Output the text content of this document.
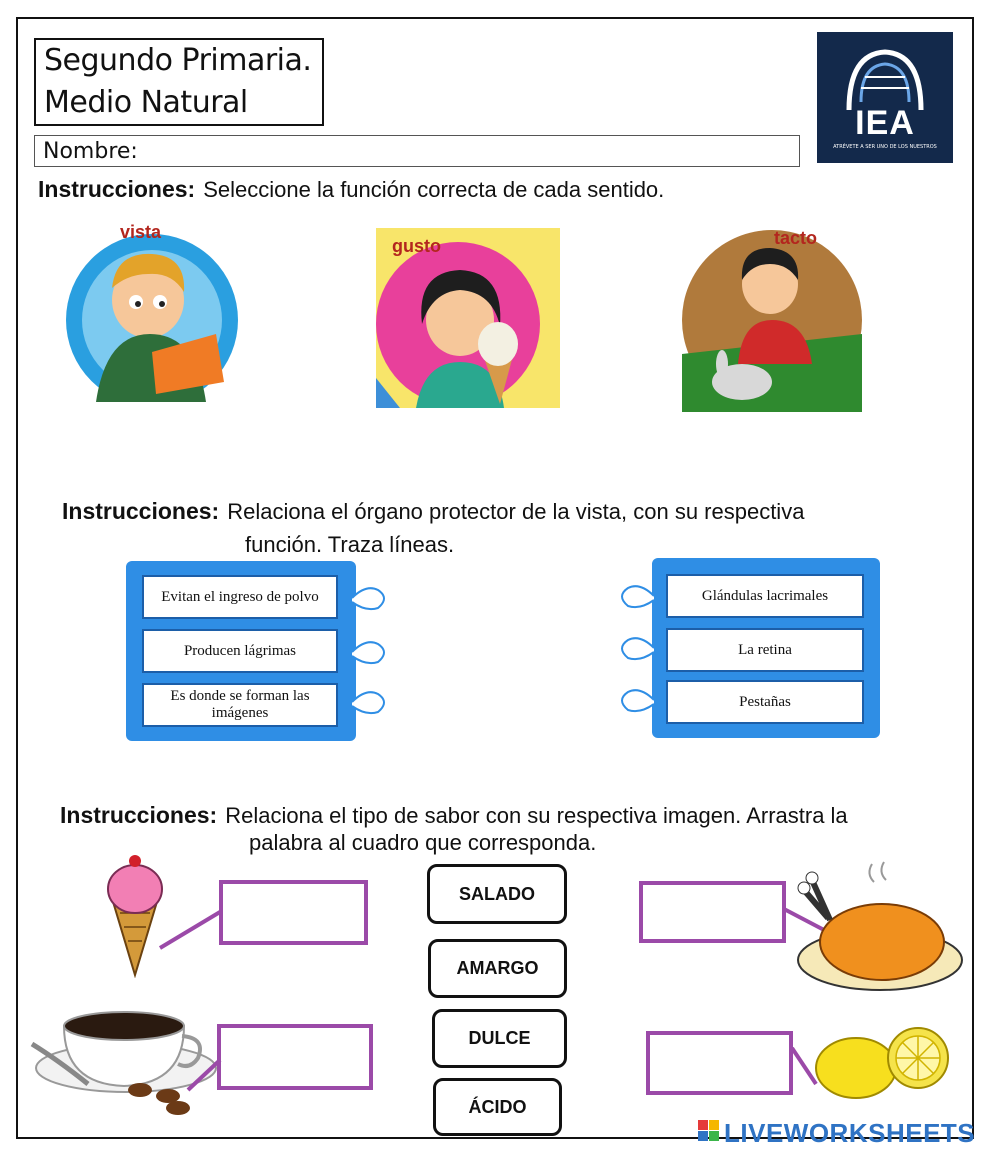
Segundo Primaria.
Medio Natural
Nombre:
IEA
ATRÉVETE A SER UNO DE LOS NUESTROS
Instrucciones: Seleccione la función correcta de cada sentido.
vista
gusto	tacto
Instrucciones: Relaciona el órgano protector de la vista, con su respectiva
función. Traza líneas.
Evitan el ingreso de polvo
Producen lágrimas
Es donde se forman las imágenes
Glándulas lacrimales
La retina
Pestañas
Instrucciones: Relaciona el tipo de sabor con su respectiva imagen. Arrastra la
palabra al cuadro que corresponda.
SALADO
AMARGO
DULCE
ÁCIDO
LIVEWORKSHEETS
